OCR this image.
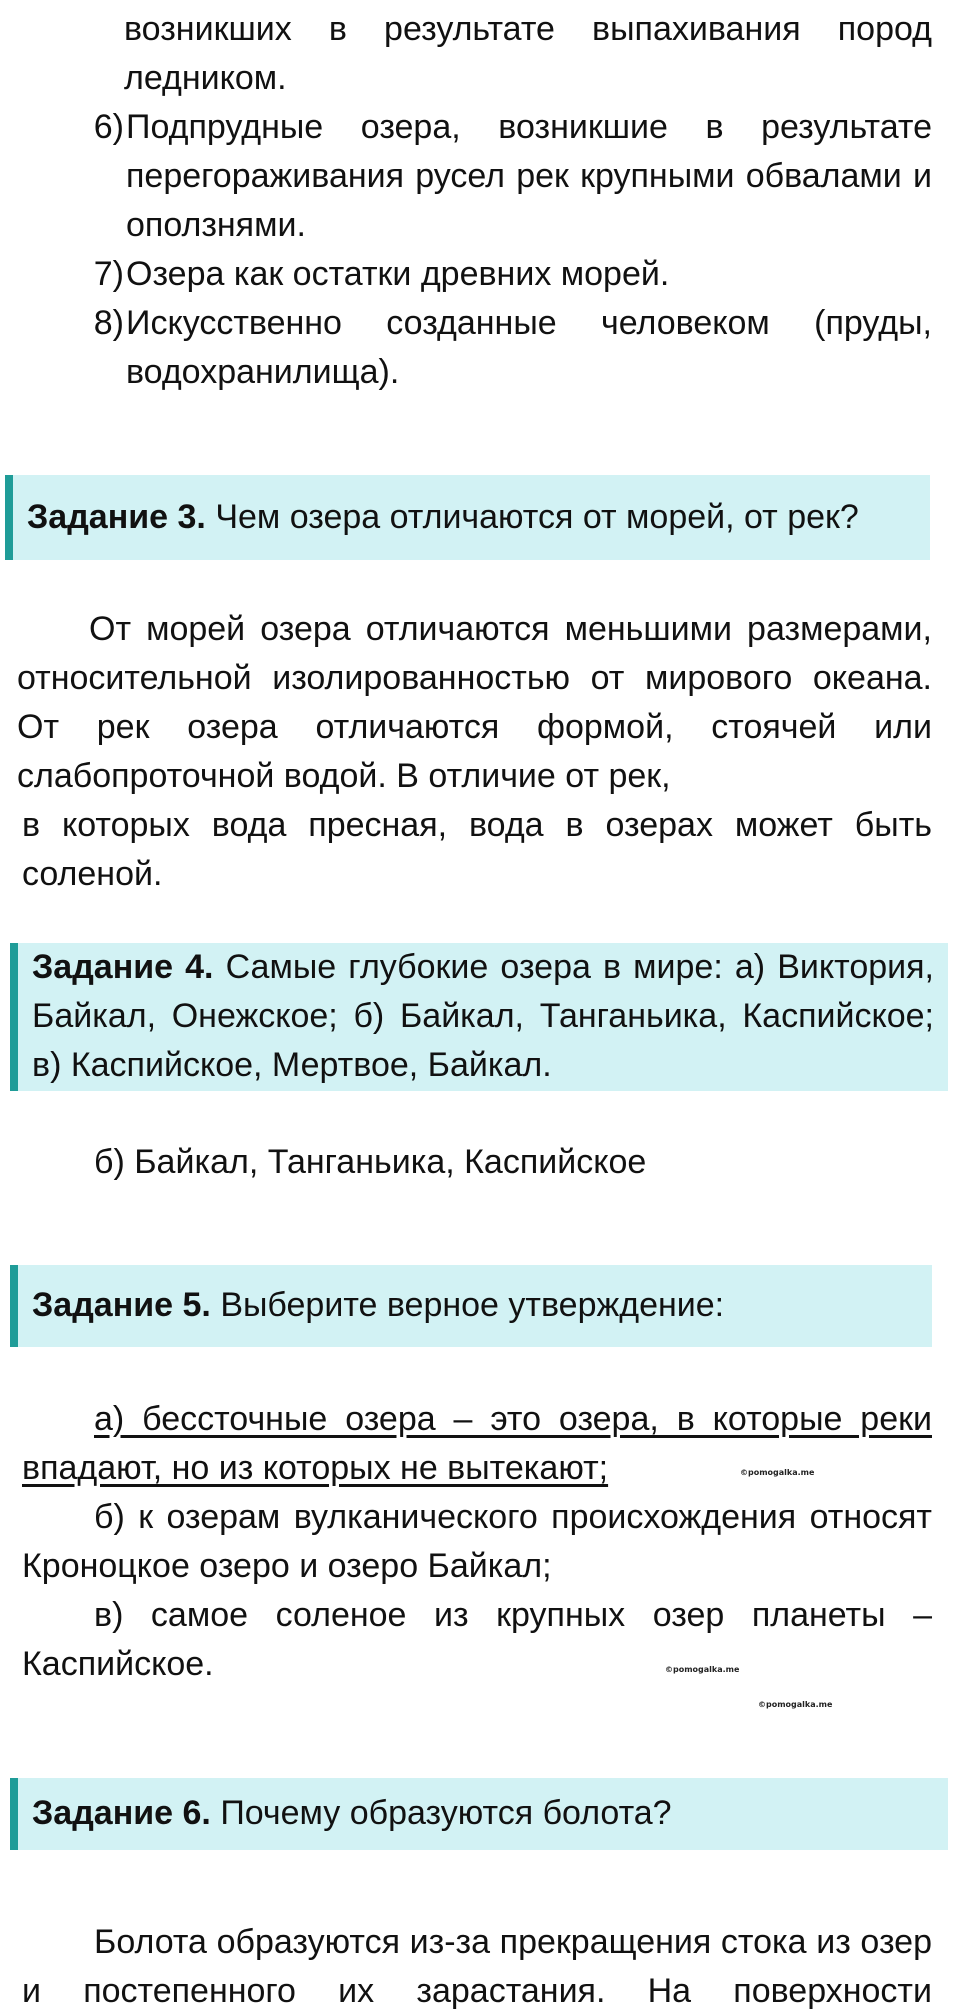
возникших в результате выпахивания пород
ледником.
6) Подпрудные озера, возникшие в результате перегораживания русел рек крупными обвалами и оползнями.
7) Озера как остатки древних морей.
8) Искусственно созданные человеком (пруды, водохранилища).
Задание 3. Чем озера отличаются от морей, от рек?
От морей озера отличаются меньшими размерами, относительной изолированностью от мирового океана. От рек озера отличаются формой, стоячей или слабопроточной водой. В отличие от рек,
в которых вода пресная, вода в озерах может быть соленой.
Задание 4. Самые глубокие озера в мире: а) Виктория, Байкал, Онежское; б) Байкал, Танганьика, Каспийское; в) Каспийское, Мертвое, Байкал.
б) Байкал, Танганьика, Каспийское
Задание 5. Выберите верное утверждение:
а) бессточные озера – это озера, в которые реки впадают, но из которых не вытекают;
б) к озерам вулканического происхождения относят Кроноцкое озеро и озеро Байкал;
в) самое соленое из крупных озер планеты – Каспийское.
©pomogalka.me
©pomogalka.me
©pomogalka.me
Задание 6. Почему образуются болота?
Болота образуются из-за прекращения стока из озер и постепенного их зарастания. На поверхности
